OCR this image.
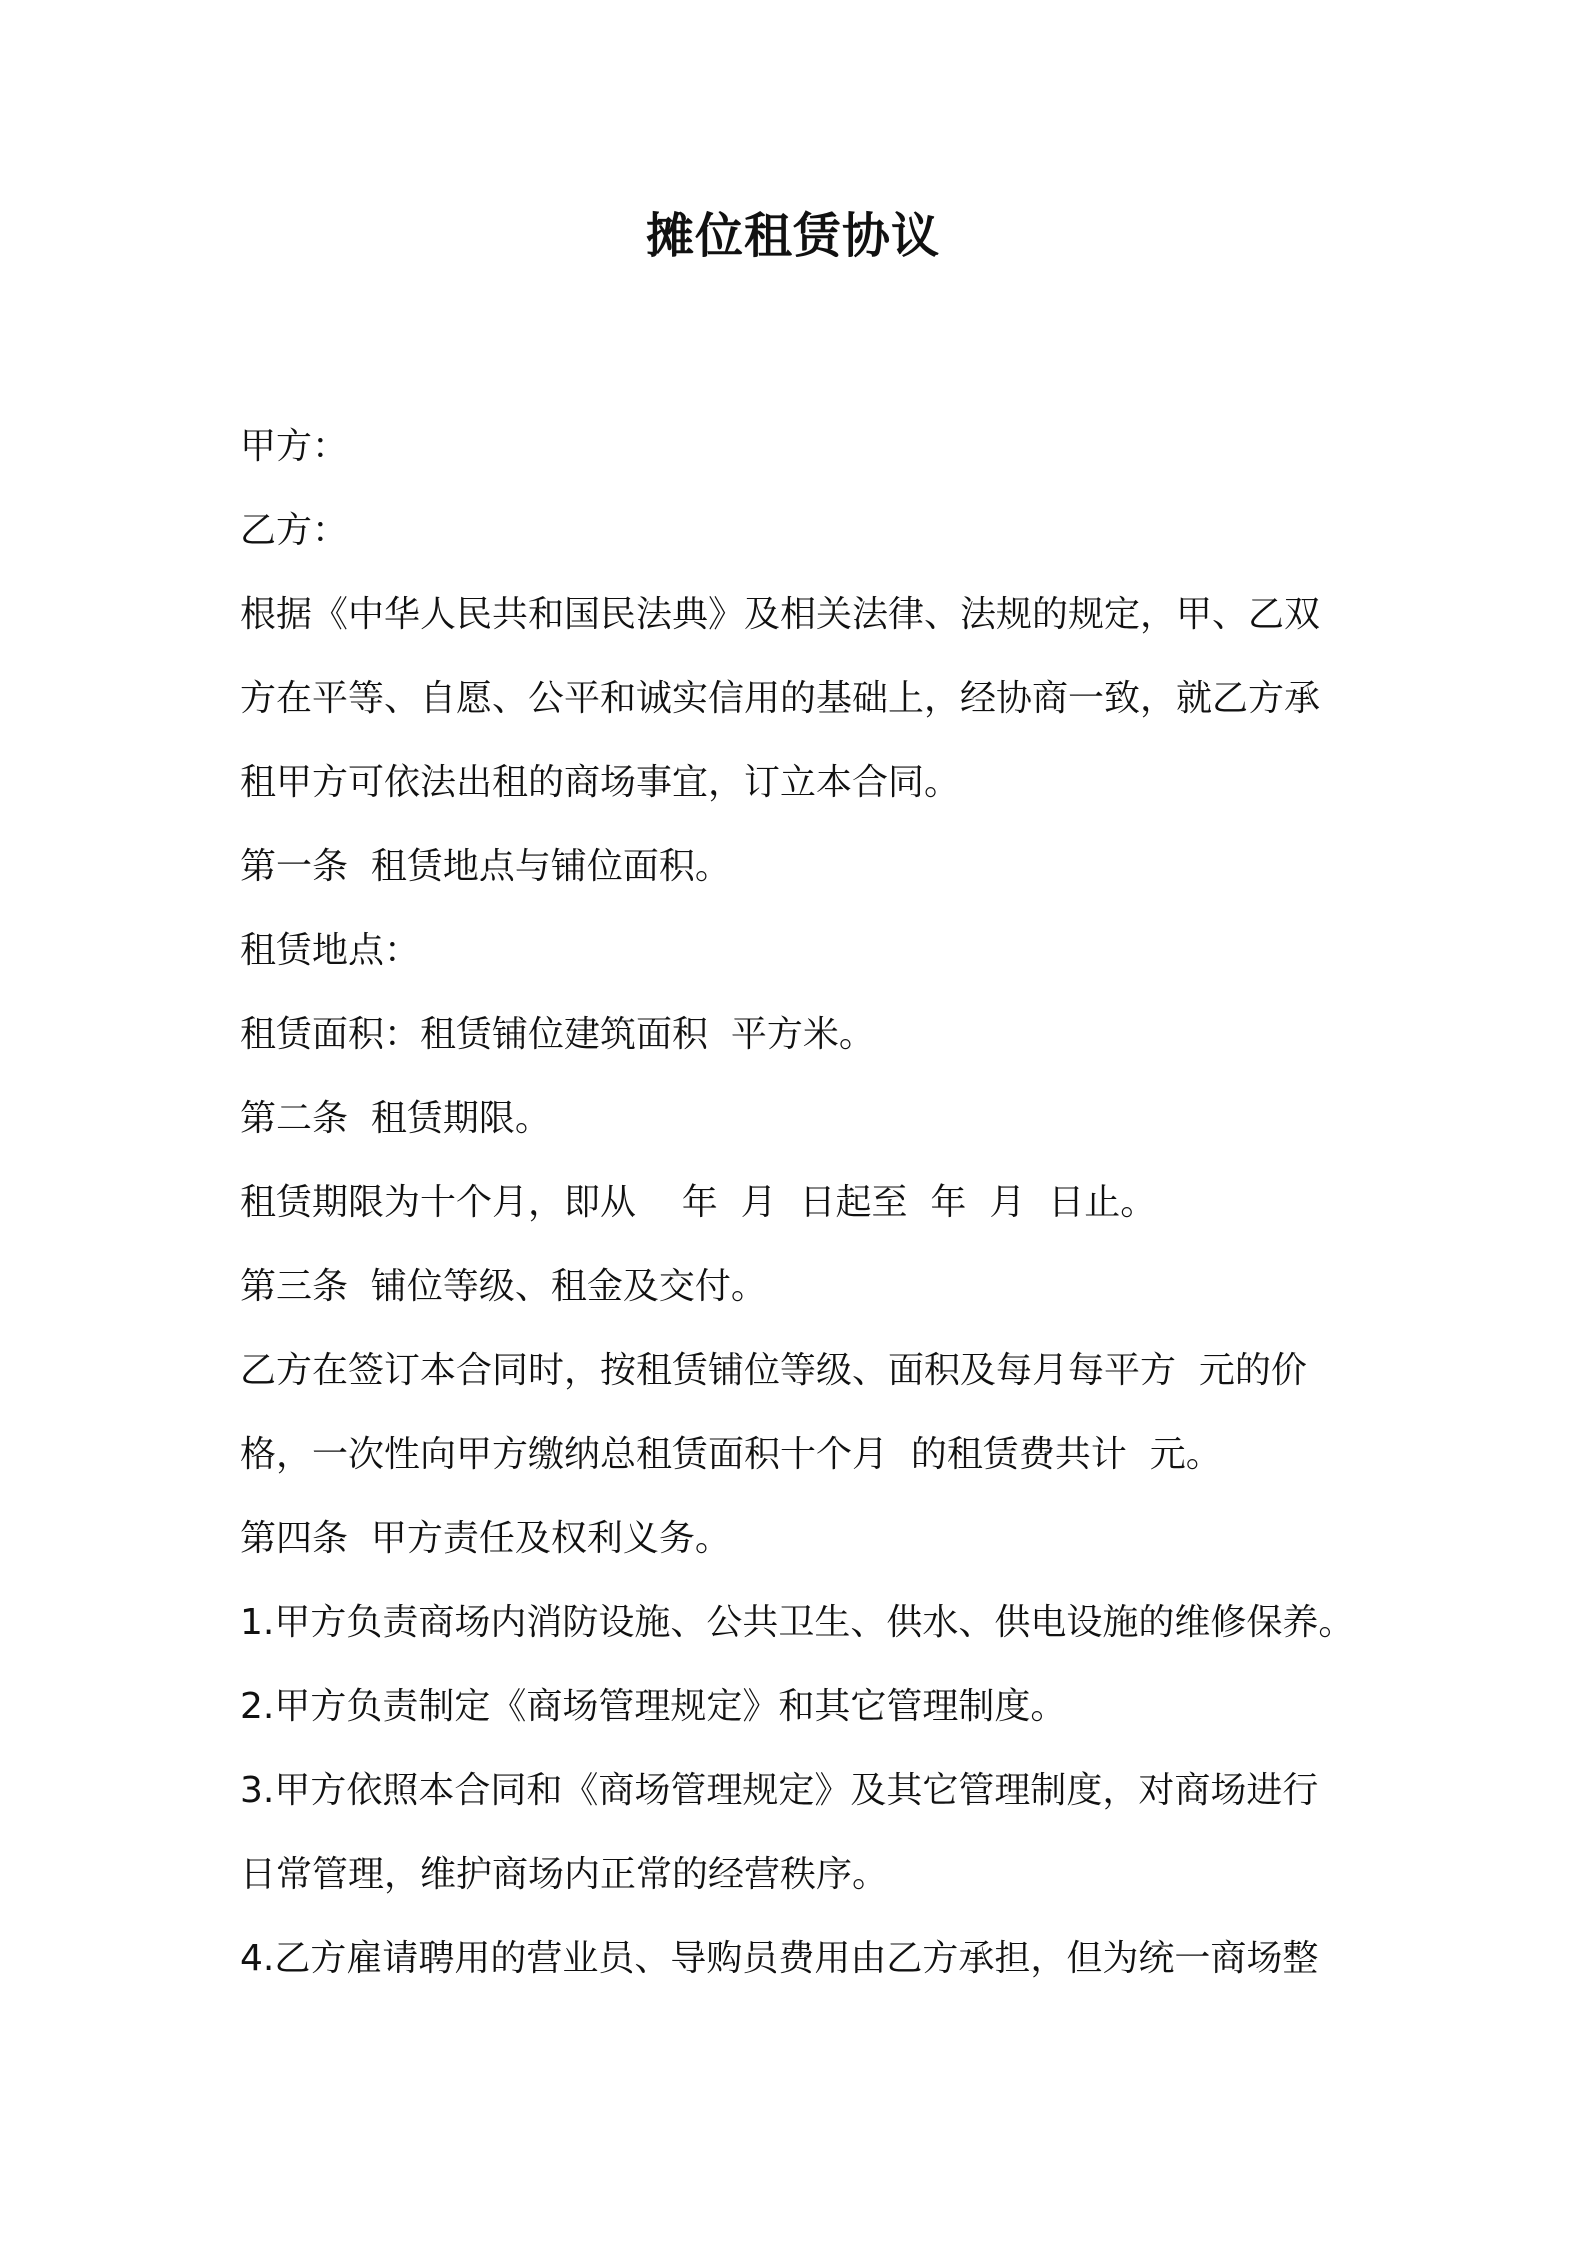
摊位租赁协议
甲方：
乙方：
根据《中华人民共和国民法典》及相关法律、法规的规定，甲、乙双
方在平等、自愿、公平和诚实信用的基础上，经协商一致，就乙方承
租甲方可依法出租的商场事宜，订立本合同。
第一条  租赁地点与铺位面积。
租赁地点：
租赁面积：租赁铺位建筑面积  平方米。
第二条  租赁期限。
租赁期限为十个月，即从    年  月  日起至  年  月  日止。
第三条  铺位等级、租金及交付。
乙方在签订本合同时，按租赁铺位等级、面积及每月每平方  元的价
格，一次性向甲方缴纳总租赁面积十个月  的租赁费共计  元。
第四条  甲方责任及权利义务。
1.甲方负责商场内消防设施、公共卫生、供水、供电设施的维修保养。
2.甲方负责制定《商场管理规定》和其它管理制度。
3.甲方依照本合同和《商场管理规定》及其它管理制度，对商场进行
日常管理，维护商场内正常的经营秩序。
4.乙方雇请聘用的营业员、导购员费用由乙方承担，但为统一商场整
